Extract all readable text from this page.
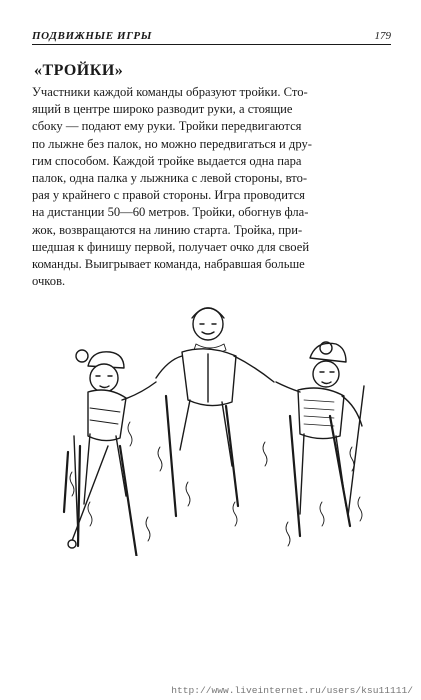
ПОДВИЖНЫЕ ИГРЫ	179
«ТРОЙКИ»
Участники каждой команды образуют тройки. Сто-
ящий в центре широко разводит руки, а стоящие
сбоку — подают ему руки. Тройки передвигаются
по лыжне без палок, но можно передвигаться и дру-
гим способом. Каждой тройке выдается одна пара
палок, одна палка у лыжника с левой стороны, вто-
рая у крайнего с правой стороны. Игра проводится
на дистанции 50—60 метров. Тройки, обогнув фла-
жок, возвращаются на линию старта. Тройка, при-
шедшая к финишу первой, получает очко для своей
команды. Выигрывает команда, набравшая больше
очков.
http://www.liveinternet.ru/users/ksu11111/
